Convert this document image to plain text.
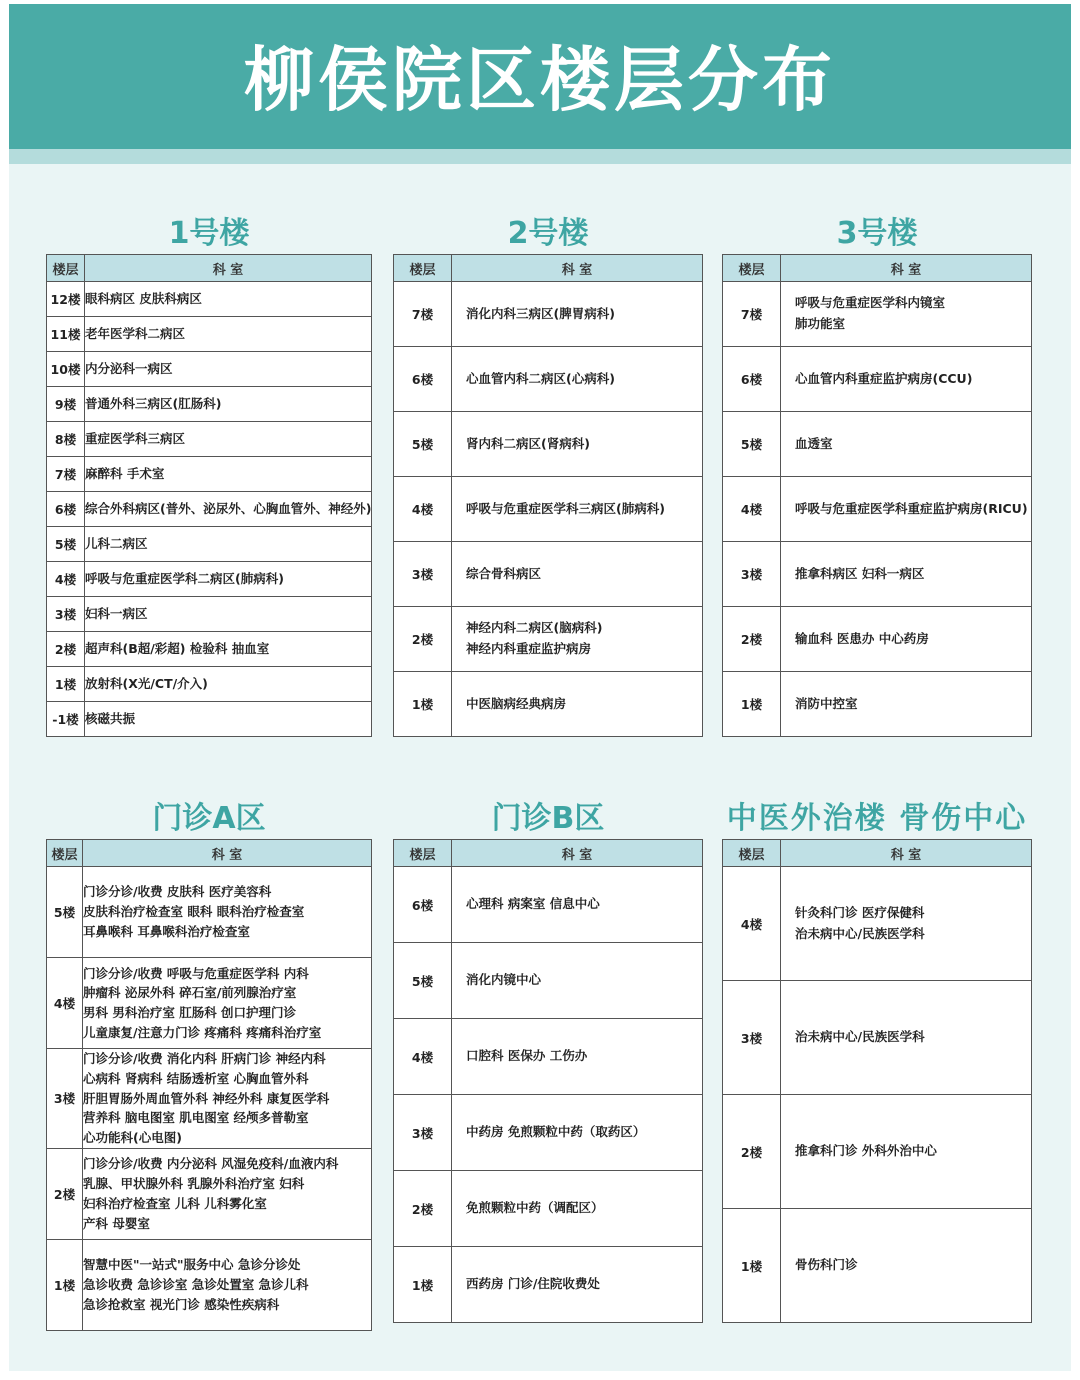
柳侯院区楼层分布
1号楼	2号楼	3号楼
门诊A区	门诊B区	中医外治楼 骨伤中心
楼层	科 室
12楼	眼科病区 皮肤科病区

11楼	老年医学科二病区

10楼	内分泌科一病区

9楼	普通外科三病区(肛肠科)

8楼	重症医学科三病区

7楼	麻醉科 手术室

6楼	综合外科病区(普外、泌尿外、心胸血管外、神经外)

5楼	儿科二病区

4楼	呼吸与危重症医学科二病区(肺病科)

3楼	妇科一病区

2楼	超声科(B超/彩超) 检验科 抽血室

1楼	放射科(X光/CT/介入)

-1楼	核磁共振
楼层	科 室
7楼	消化内科三病区(脾胃病科)

6楼	心血管内科二病区(心病科)

5楼	肾内科二病区(肾病科)

4楼	呼吸与危重症医学科三病区(肺病科)

3楼	综合骨科病区

2楼	神经内科二病区(脑病科)
神经内科重症监护病房

1楼	中医脑病经典病房
楼层	科 室
7楼	呼吸与危重症医学科内镜室
肺功能室

6楼	心血管内科重症监护病房(CCU)

5楼	血透室

4楼	呼吸与危重症医学科重症监护病房(RICU)

3楼	推拿科病区 妇科一病区

2楼	输血科 医患办 中心药房

1楼	消防中控室
楼层	科 室
5楼	门诊分诊/收费 皮肤科 医疗美容科
皮肤科治疗检查室 眼科 眼科治疗检查室
耳鼻喉科 耳鼻喉科治疗检查室

4楼	门诊分诊/收费 呼吸与危重症医学科 内科
肿瘤科 泌尿外科 碎石室/前列腺治疗室
男科 男科治疗室 肛肠科 创口护理门诊
儿童康复/注意力门诊 疼痛科 疼痛科治疗室

3楼	门诊分诊/收费 消化内科 肝病门诊 神经内科
心病科 肾病科 结肠透析室 心胸血管外科
肝胆胃肠外周血管外科 神经外科 康复医学科
营养科 脑电图室 肌电图室 经颅多普勒室
心功能科(心电图)

2楼	门诊分诊/收费 内分泌科 风湿免疫科/血液内科
乳腺、甲状腺外科 乳腺外科治疗室 妇科
妇科治疗检查室 儿科 儿科雾化室
产科 母婴室

1楼	智慧中医"一站式"服务中心 急诊分诊处
急诊收费 急诊诊室 急诊处置室 急诊儿科
急诊抢救室 视光门诊 感染性疾病科
楼层	科 室
6楼	心理科 病案室 信息中心

5楼	消化内镜中心

4楼	口腔科 医保办 工伤办

3楼	中药房 免煎颗粒中药（取药区）

2楼	免煎颗粒中药（调配区）

1楼	西药房 门诊/住院收费处
楼层	科 室
4楼	针灸科门诊 医疗保健科
治未病中心/民族医学科

3楼	治未病中心/民族医学科

2楼	推拿科门诊 外科外治中心

1楼	骨伤科门诊
